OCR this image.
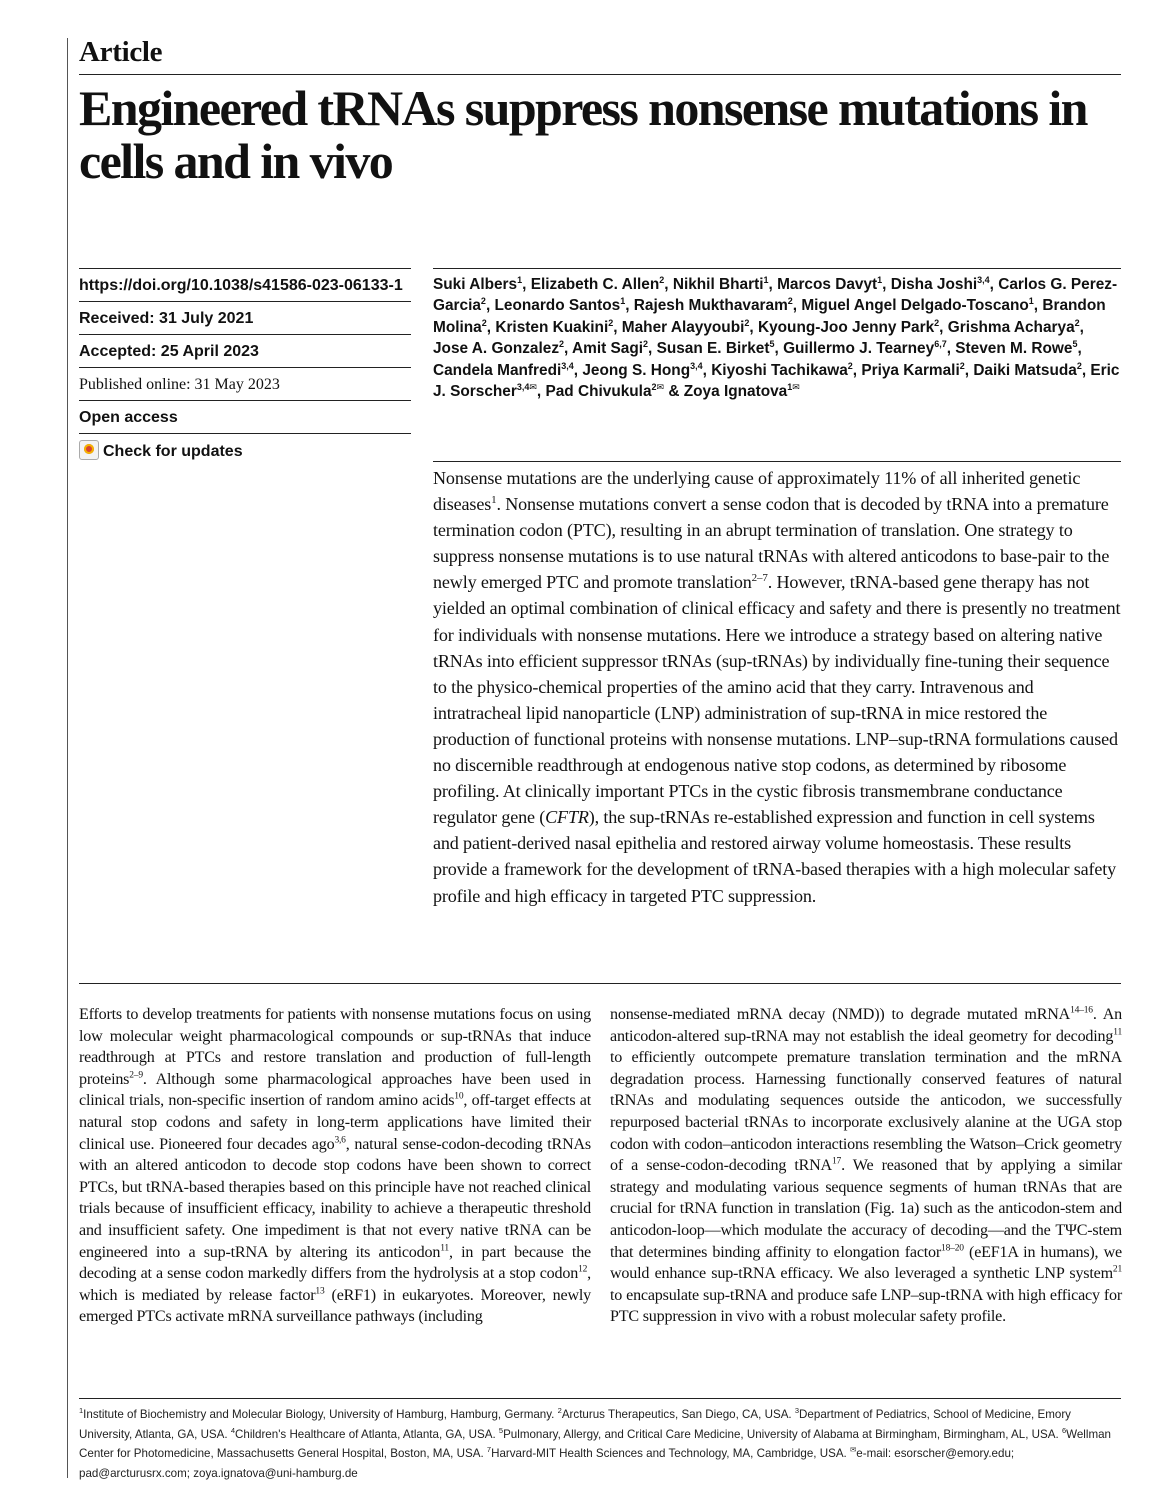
Article
Engineered tRNAs suppress nonsense mutations in cells and in vivo
https://doi.org/10.1038/s41586-023-06133-1
Received: 31 July 2021
Accepted: 25 April 2023
Published online: 31 May 2023
Open access
Check for updates
Suki Albers$^1$, Elizabeth C. Allen$^2$, Nikhil Bharti$^1$, Marcos Davyt$^1$, Disha Joshi$^{3,4}$, Carlos G. Perez-Garcia$^2$, Leonardo Santos$^1$, Rajesh Mukthavaram$^2$, Miguel Angel Delgado-Toscano$^1$, Brandon Molina$^2$, Kristen Kuakini$^2$, Maher Alayyoubi$^2$, Kyoung-Joo Jenny Park$^2$, Grishma Acharya$^2$, Jose A. Gonzalez$^2$, Amit Sagi$^2$, Susan E. Birket$^5$, Guillermo J. Tearney$^{6,7}$, Steven M. Rowe$^5$, Candela Manfredi$^{3,4}$, Jeong S. Hong$^{3,4}$, Kiyoshi Tachikawa$^2$, Priya Karmali$^2$, Daiki Matsuda$^2$, Eric J. Sorscher$^{3,4✉}$, Pad Chivukula$^{2✉}$ & Zoya Ignatova$^{1✉}$
Nonsense mutations are the underlying cause of approximately 11% of all inherited genetic diseases$^1$. Nonsense mutations convert a sense codon that is decoded by tRNA into a premature termination codon (PTC), resulting in an abrupt termination of translation. One strategy to suppress nonsense mutations is to use natural tRNAs with altered anticodons to base-pair to the newly emerged PTC and promote translation$^{2-7}$. However, tRNA-based gene therapy has not yielded an optimal combination of clinical efficacy and safety and there is presently no treatment for individuals with nonsense mutations. Here we introduce a strategy based on altering native tRNAs into efficient suppressor tRNAs (sup-tRNAs) by individually fine-tuning their sequence to the physico-chemical properties of the amino acid that they carry. Intravenous and intratracheal lipid nanoparticle (LNP) administration of sup-tRNA in mice restored the production of functional proteins with nonsense mutations. LNP–sup-tRNA formulations caused no discernible readthrough at endogenous native stop codons, as determined by ribosome profiling. At clinically important PTCs in the cystic fibrosis transmembrane conductance regulator gene (CFTR), the sup-tRNAs re-established expression and function in cell systems and patient-derived nasal epithelia and restored airway volume homeostasis. These results provide a framework for the development of tRNA-based therapies with a high molecular safety profile and high efficacy in targeted PTC suppression.
Efforts to develop treatments for patients with nonsense mutations focus on using low molecular weight pharmacological compounds or sup-tRNAs that induce readthrough at PTCs and restore translation and production of full-length proteins$^{2-9}$. Although some pharmacological approaches have been used in clinical trials, non-specific insertion of random amino acids$^{10}$, off-target effects at natural stop codons and safety in long-term applications have limited their clinical use. Pioneered four decades ago$^{3,6}$, natural sense-codon-decoding tRNAs with an altered anticodon to decode stop codons have been shown to correct PTCs, but tRNA-based therapies based on this principle have not reached clinical trials because of insufficient efficacy, inability to achieve a therapeutic threshold and insufficient safety. One impediment is that not every native tRNA can be engineered into a sup-tRNA by altering its anticodon$^{11}$, in part because the decoding at a sense codon markedly differs from the hydrolysis at a stop codon$^{12}$, which is mediated by release factor$^{13}$ (eRF1) in eukaryotes. Moreover, newly emerged PTCs activate mRNA surveillance pathways (including
nonsense-mediated mRNA decay (NMD)) to degrade mutated mRNA$^{14-16}$. An anticodon-altered sup-tRNA may not establish the ideal geometry for decoding$^{11}$ to efficiently outcompete premature translation termination and the mRNA degradation process. Harnessing functionally conserved features of natural tRNAs and modulating sequences outside the anticodon, we successfully repurposed bacterial tRNAs to incorporate exclusively alanine at the UGA stop codon with codon–anticodon interactions resembling the Watson–Crick geometry of a sense-codon-decoding tRNA$^{17}$. We reasoned that by applying a similar strategy and modulating various sequence segments of human tRNAs that are crucial for tRNA function in translation (Fig. 1a) such as the anticodon-stem and anticodon-loop—which modulate the accuracy of decoding—and the TΨC-stem that determines binding affinity to elongation factor$^{18-20}$ (eEF1A in humans), we would enhance sup-tRNA efficacy. We also leveraged a synthetic LNP system$^{21}$ to encapsulate sup-tRNA and produce safe LNP–sup-tRNA with high efficacy for PTC suppression in vivo with a robust molecular safety profile.
$^1$Institute of Biochemistry and Molecular Biology, University of Hamburg, Hamburg, Germany. $^2$Arcturus Therapeutics, San Diego, CA, USA. $^3$Department of Pediatrics, School of Medicine, Emory University, Atlanta, GA, USA. $^4$Children's Healthcare of Atlanta, Atlanta, GA, USA. $^5$Pulmonary, Allergy, and Critical Care Medicine, University of Alabama at Birmingham, Birmingham, AL, USA. $^6$Wellman Center for Photomedicine, Massachusetts General Hospital, Boston, MA, USA. $^7$Harvard-MIT Health Sciences and Technology, MA, Cambridge, USA. ✉e-mail: esorscher@emory.edu; pad@arcturusrx.com; zoya.ignatova@uni-hamburg.de
